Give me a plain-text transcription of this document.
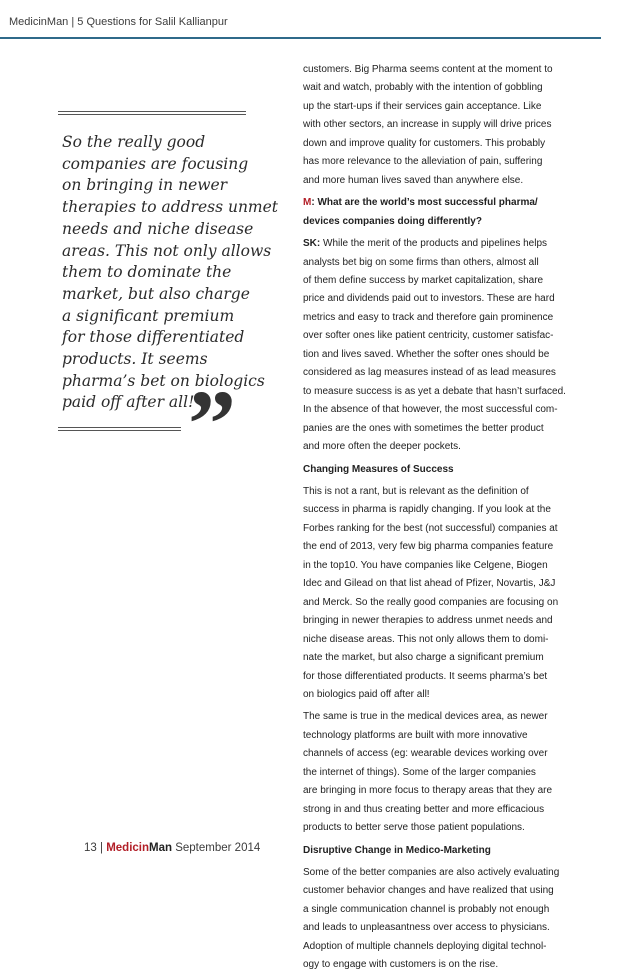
MedicinMan | 5 Questions for Salil Kallianpur
So the really good
companies are focusing
on bringing in newer
therapies to address unmet
needs and niche disease
areas. This not only allows
them to dominate the
market, but also charge
a significant premium
for those differentiated
products. It seems
pharma’s bet on biologics
paid off after all!
”

customers. Big Pharma seems content at the moment to
wait and watch, probably with the intention of gobbling
up the start-ups if their services gain acceptance. Like
with other sectors, an increase in supply will drive prices
down and improve quality for customers. This probably
has more relevance to the alleviation of pain, suffering
and more human lives saved than anywhere else.

M: What are the world’s most successful pharma/
devices companies doing differently?

SK: While the merit of the products and pipelines helps
analysts bet big on some firms than others, almost all
of them define success by market capitalization, share
price and dividends paid out to investors. These are hard
metrics and easy to track and therefore gain prominence
over softer ones like patient centricity, customer satisfac-
tion and lives saved. Whether the softer ones should be
considered as lag measures instead of as lead measures
to measure success is as yet a debate that hasn’t surfaced.
In the absence of that however, the most successful com-
panies are the ones with sometimes the better product
and more often the deeper pockets.

Changing Measures of Success

This is not a rant, but is relevant as the definition of
success in pharma is rapidly changing. If you look at the
Forbes ranking for the best (not successful) companies at
the end of 2013, very few big pharma companies feature
in the top10. You have companies like Celgene, Biogen
Idec and Gilead on that list ahead of Pfizer, Novartis, J&J
and Merck. So the really good companies are focusing on
bringing in newer therapies to address unmet needs and
niche disease areas. This not only allows them to domi-
nate the market, but also charge a significant premium
for those differentiated products. It seems pharma’s bet
on biologics paid off after all!

The same is true in the medical devices area, as newer
technology platforms are built with more innovative
channels of access (eg: wearable devices working over
the internet of things). Some of the larger companies
are bringing in more focus to therapy areas that they are
strong in and thus creating better and more efficacious
products to better serve those patient populations.

Disruptive Change in Medico-Marketing

Some of the better companies are also actively evaluating
customer behavior changes and have realized that using
a single communication channel is probably not enough
and leads to unpleasantness over access to physicians.
Adoption of multiple channels deploying digital technol-
ogy to engage with customers is on the rise.

13 | MedicinMan September 2014
